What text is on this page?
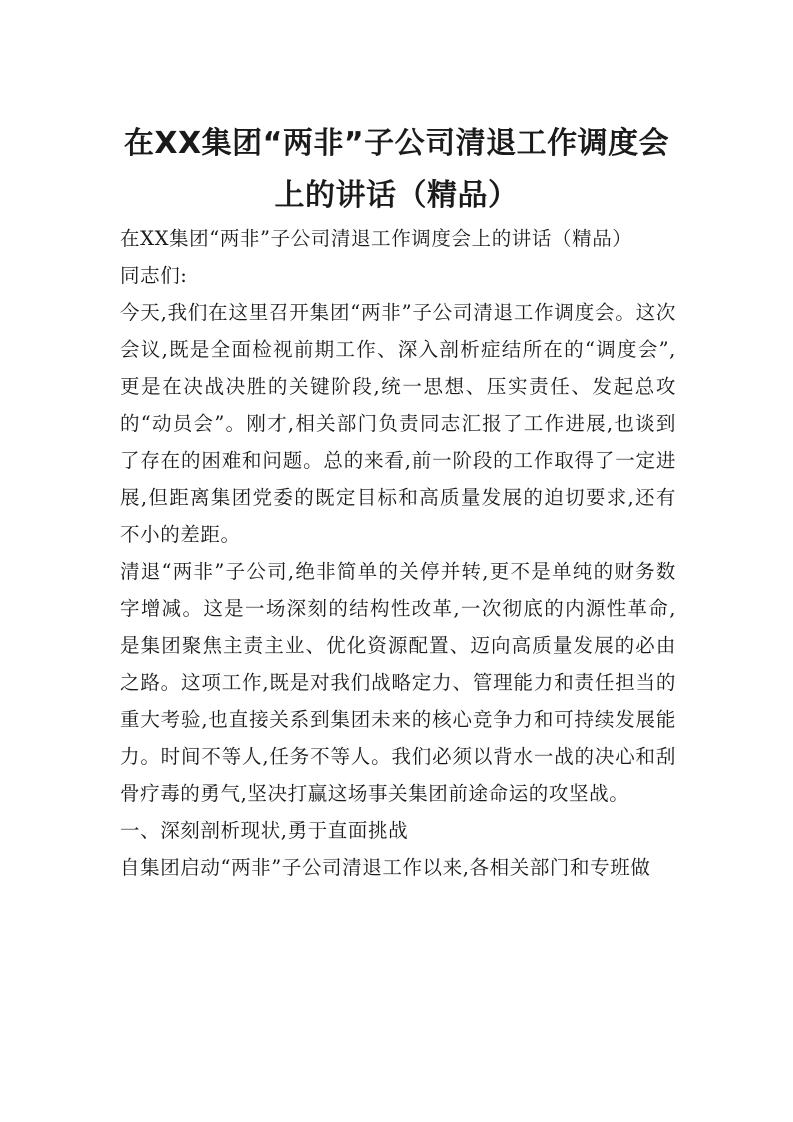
在XX集团“两非”子公司清退工作调度会上的讲话（精品）

在XX集团“两非”子公司清退工作调度会上的讲话（精品）

同志们:

今天,我们在这里召开集团“两非”子公司清退工作调度会。这次会议,既是全面检视前期工作、深入剖析症结所在的“调度会”,更是在决战决胜的关键阶段,统一思想、压实责任、发起总攻的“动员会”。刚才,相关部门负责同志汇报了工作进展,也谈到了存在的困难和问题。总的来看,前一阶段的工作取得了一定进展,但距离集团党委的既定目标和高质量发展的迫切要求,还有不小的差距。

清退“两非”子公司,绝非简单的关停并转,更不是单纯的财务数字增减。这是一场深刻的结构性改革,一次彻底的内源性革命,是集团聚焦主责主业、优化资源配置、迈向高质量发展的必由之路。这项工作,既是对我们战略定力、管理能力和责任担当的重大考验,也直接关系到集团未来的核心竞争力和可持续发展能力。时间不等人,任务不等人。我们必须以背水一战的决心和刮骨疗毒的勇气,坚决打赢这场事关集团前途命运的攻坚战。

一、深刻剖析现状,勇于直面挑战

自集团启动“两非”子公司清退工作以来,各相关部门和专班做
